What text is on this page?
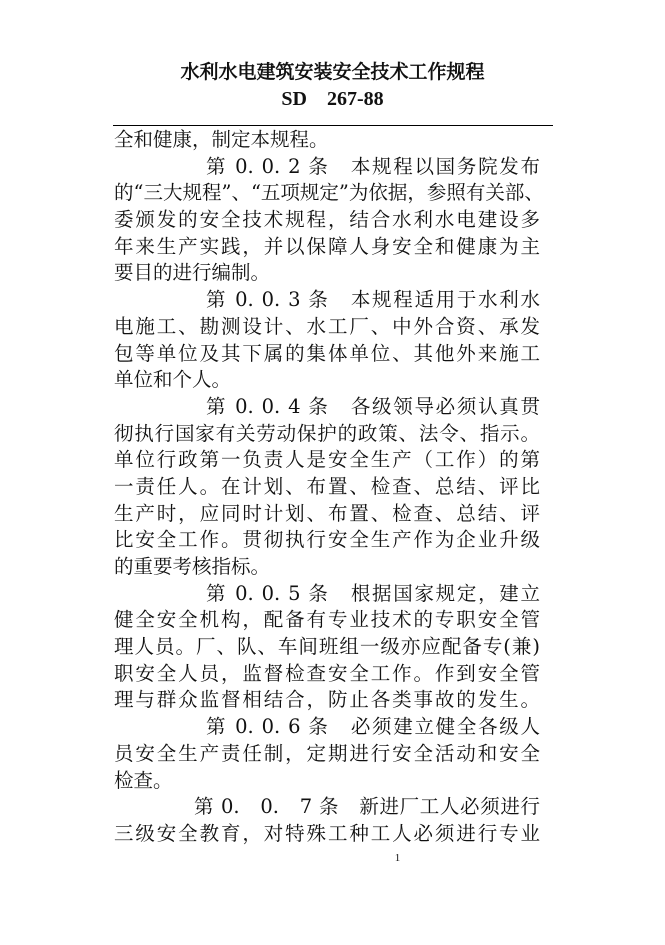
水利水电建筑安装安全技术工作规程
SD　267-88
全和健康，制定本规程。
第 0. 0. 2 条　本规程以国务院发布
的“三大规程”、“五项规定”为依据，参照有关部、
委颁发的安全技术规程，结合水利水电建设多
年来生产实践，并以保障人身安全和健康为主
要目的进行编制。
第 0. 0. 3 条　本规程适用于水利水
电施工、勘测设计、水工厂、中外合资、承发
包等单位及其下属的集体单位、其他外来施工
单位和个人。
第 0. 0. 4 条　各级领导必须认真贯
彻执行国家有关劳动保护的政策、法令、指示。
单位行政第一负责人是安全生产（工作）的第
一责任人。在计划、布置、检查、总结、评比
生产时，应同时计划、布置、检查、总结、评
比安全工作。贯彻执行安全生产作为企业升级
的重要考核指标。
第 0. 0. 5 条　根据国家规定，建立
健全安全机构，配备有专业技术的专职安全管
理人员。厂、队、车间班组一级亦应配备专(兼)
职安全人员，监督检查安全工作。作到安全管
理与群众监督相结合，防止各类事故的发生。
第 0. 0. 6 条　必须建立健全各级人
员安全生产责任制，定期进行安全活动和安全
检查。
第 0.　0.　7 条　新进厂工人必须进行
三级安全教育，对特殊工种工人必须进行专业
1
